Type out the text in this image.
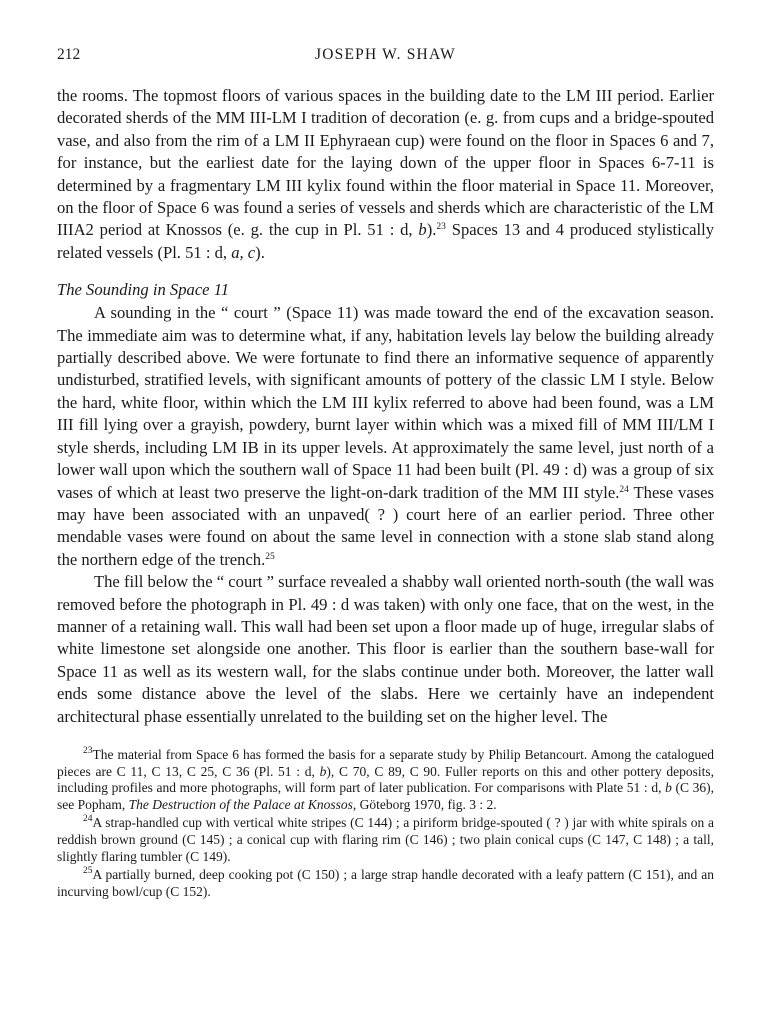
212	JOSEPH W. SHAW

the rooms. The topmost floors of various spaces in the building date to the LM III period. Earlier decorated sherds of the MM III-LM I tradition of decoration (e. g. from cups and a bridge-spouted vase, and also from the rim of a LM II Ephyraean cup) were found on the floor in Spaces 6 and 7, for instance, but the earliest date for the laying down of the upper floor in Spaces 6-7-11 is determined by a fragmentary LM III kylix found within the floor material in Space 11. Moreover, on the floor of Space 6 was found a series of vessels and sherds which are characteristic of the LM IIIA2 period at Knossos (e. g. the cup in Pl. 51 : d, b).$^{23}$ Spaces 13 and 4 produced stylistically related vessels (Pl. 51 : d, a, c).

The Sounding in Space 11

A sounding in the “ court ” (Space 11) was made toward the end of the excavation season. The immediate aim was to determine what, if any, habitation levels lay below the building already partially described above. We were fortunate to find there an informative sequence of apparently undisturbed, stratified levels, with significant amounts of pottery of the classic LM I style. Below the hard, white floor, within which the LM III kylix referred to above had been found, was a LM III fill lying over a grayish, powdery, burnt layer within which was a mixed fill of MM III/LM I style sherds, including LM IB in its upper levels. At approximately the same level, just north of a lower wall upon which the southern wall of Space 11 had been built (Pl. 49 : d) was a group of six vases of which at least two preserve the light-on-dark tradition of the MM III style.$^{24}$ These vases may have been associated with an unpaved( ? ) court here of an earlier period. Three other mendable vases were found on about the same level in connection with a stone slab stand along the northern edge of the trench.$^{25}$

The fill below the “ court ” surface revealed a shabby wall oriented north-south (the wall was removed before the photograph in Pl. 49 : d was taken) with only one face, that on the west, in the manner of a retaining wall. This wall had been set upon a floor made up of huge, irregular slabs of white limestone set alongside one another. This floor is earlier than the southern base-wall for Space 11 as well as its western wall, for the slabs continue under both. Moreover, the latter wall ends some distance above the level of the slabs. Here we certainly have an independent architectural phase essentially unrelated to the building set on the higher level. The

$^{23}$The material from Space 6 has formed the basis for a separate study by Philip Betancourt. Among the catalogued pieces are C 11, C 13, C 25, C 36 (Pl. 51 : d, b), C 70, C 89, C 90. Fuller reports on this and other pottery deposits, including profiles and more photographs, will form part of later publication. For comparisons with Plate 51 : d, b (C 36), see Popham, The Destruction of the Palace at Knossos, Göteborg 1970, fig. 3 : 2.

$^{24}$A strap-handled cup with vertical white stripes (C 144) ; a piriform bridge-spouted ( ? ) jar with white spirals on a reddish brown ground (C 145) ; a conical cup with flaring rim (C 146) ; two plain conical cups (C 147, C 148) ; a tall, slightly flaring tumbler (C 149).

$^{25}$A partially burned, deep cooking pot (C 150) ; a large strap handle decorated with a leafy pattern (C 151), and an incurving bowl/cup (C 152).
